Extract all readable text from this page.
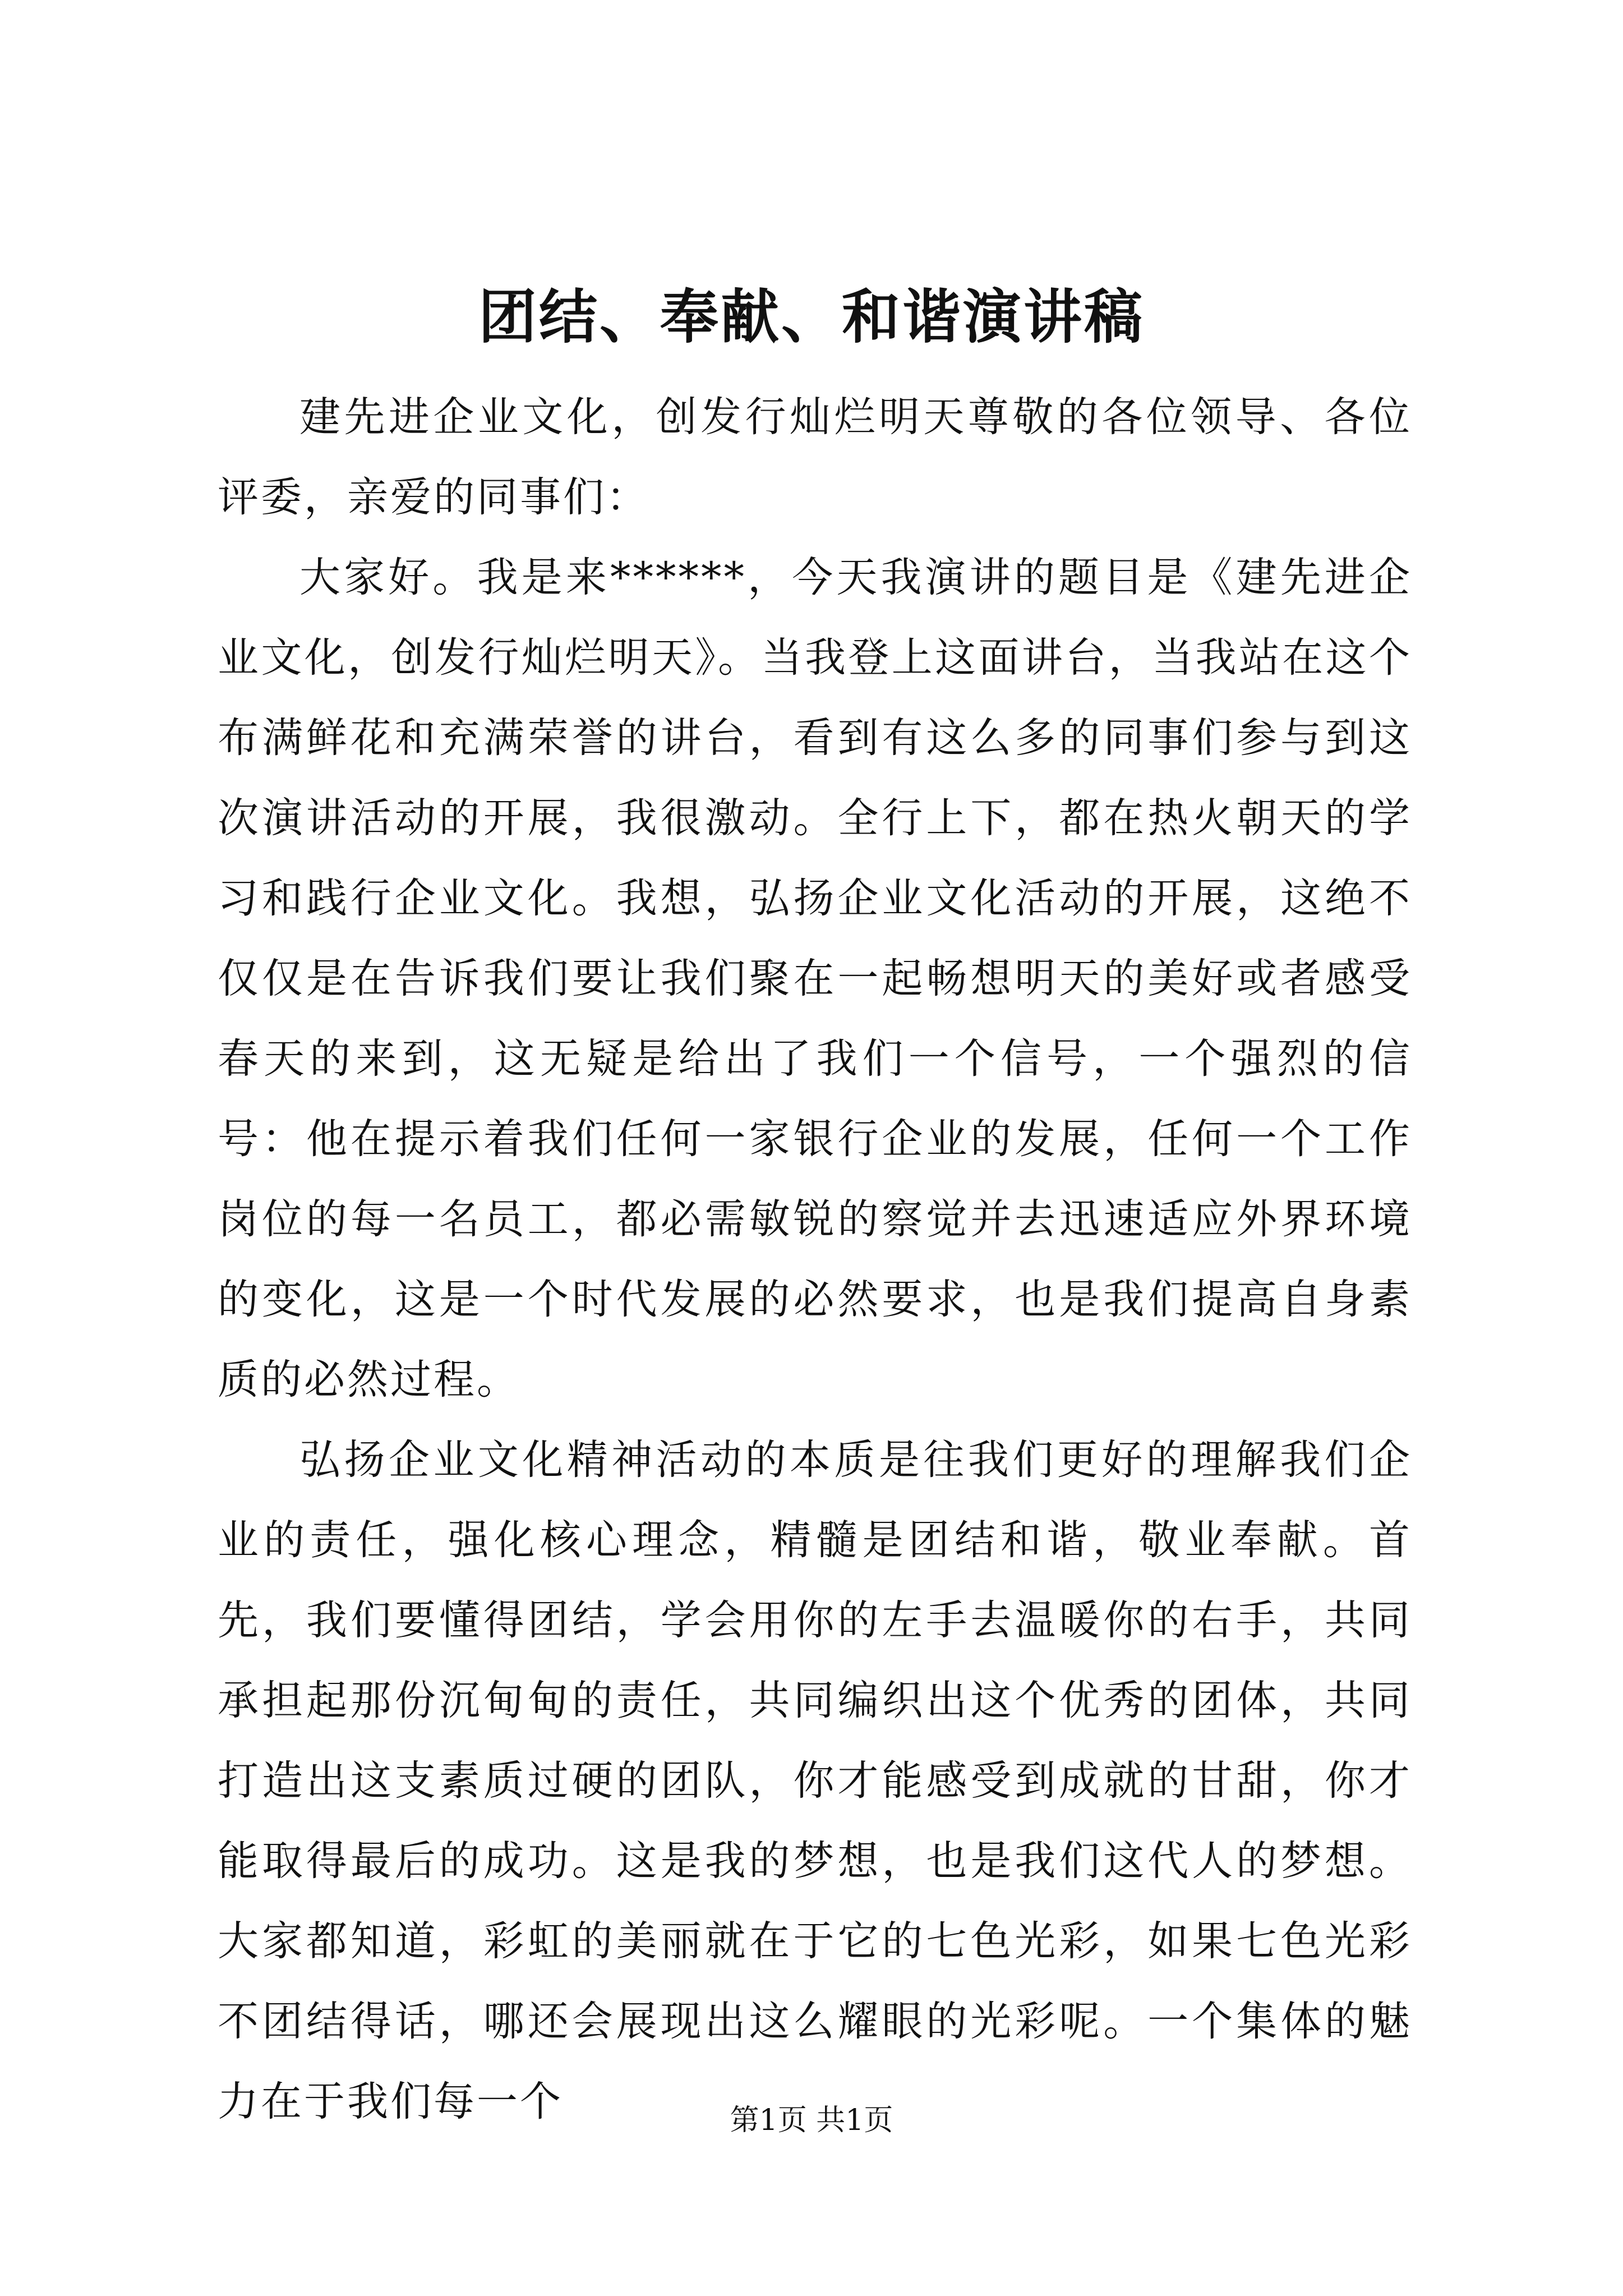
团结、奉献、和谐演讲稿

建先进企业文化，创发行灿烂明天尊敬的各位领导、各位评委，亲爱的同事们：

大家好。我是来******，今天我演讲的题目是《建先进企业文化，创发行灿烂明天》。当我登上这面讲台，当我站在这个布满鲜花和充满荣誉的讲台，看到有这么多的同事们参与到这次演讲活动的开展，我很激动。全行上下，都在热火朝天的学习和践行企业文化。我想，弘扬企业文化活动的开展，这绝不仅仅是在告诉我们要让我们聚在一起畅想明天的美好或者感受春天的来到，这无疑是给出了我们一个信号，一个强烈的信号：他在提示着我们任何一家银行企业的发展，任何一个工作岗位的每一名员工，都必需敏锐的察觉并去迅速适应外界环境的变化，这是一个时代发展的必然要求，也是我们提高自身素质的必然过程。

弘扬企业文化精神活动的本质是往我们更好的理解我们企业的责任，强化核心理念，精髓是团结和谐，敬业奉献。首先，我们要懂得团结，学会用你的左手去温暖你的右手，共同承担起那份沉甸甸的责任，共同编织出这个优秀的团体，共同打造出这支素质过硬的团队，你才能感受到成就的甘甜，你才能取得最后的成功。这是我的梦想，也是我们这代人的梦想。大家都知道，彩虹的美丽就在于它的七色光彩，如果七色光彩不团结得话，哪还会展现出这么耀眼的光彩呢。一个集体的魅力在于我们每一个	第1页 共1页
